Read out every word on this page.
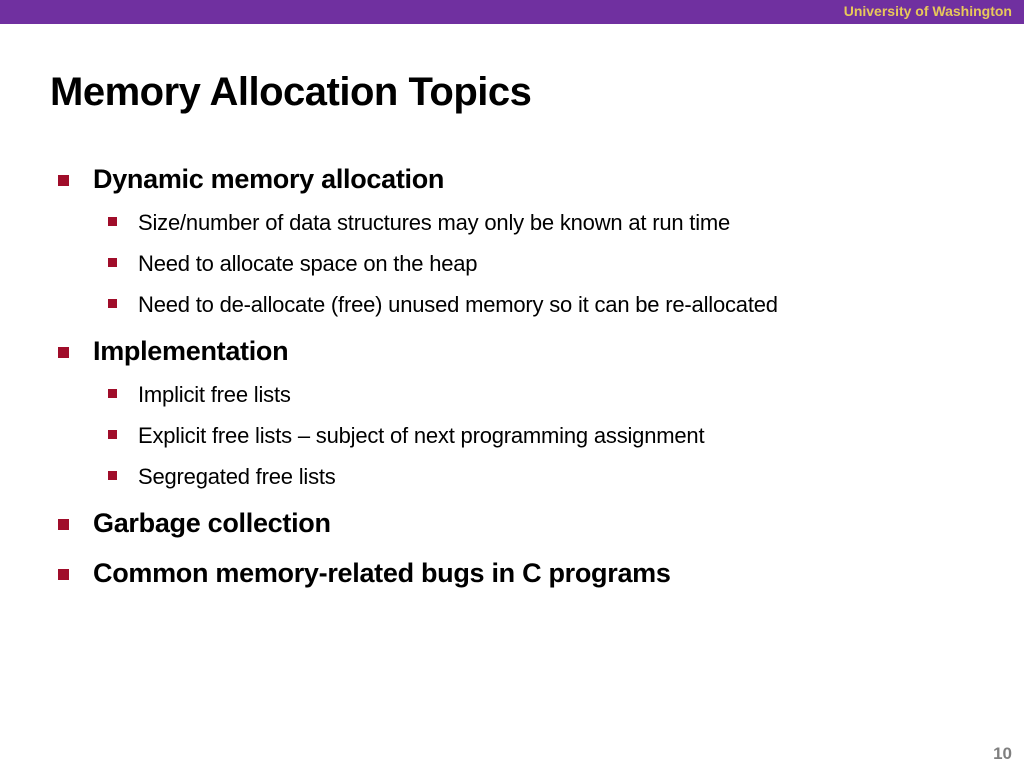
University of Washington
Memory Allocation Topics
Dynamic memory allocation
Size/number of data structures may only be known at run time
Need to allocate space on the heap
Need to de-allocate (free) unused memory so it can be re-allocated
Implementation
Implicit free lists
Explicit free lists – subject of next programming assignment
Segregated free lists
Garbage collection
Common memory-related bugs in C programs
10
